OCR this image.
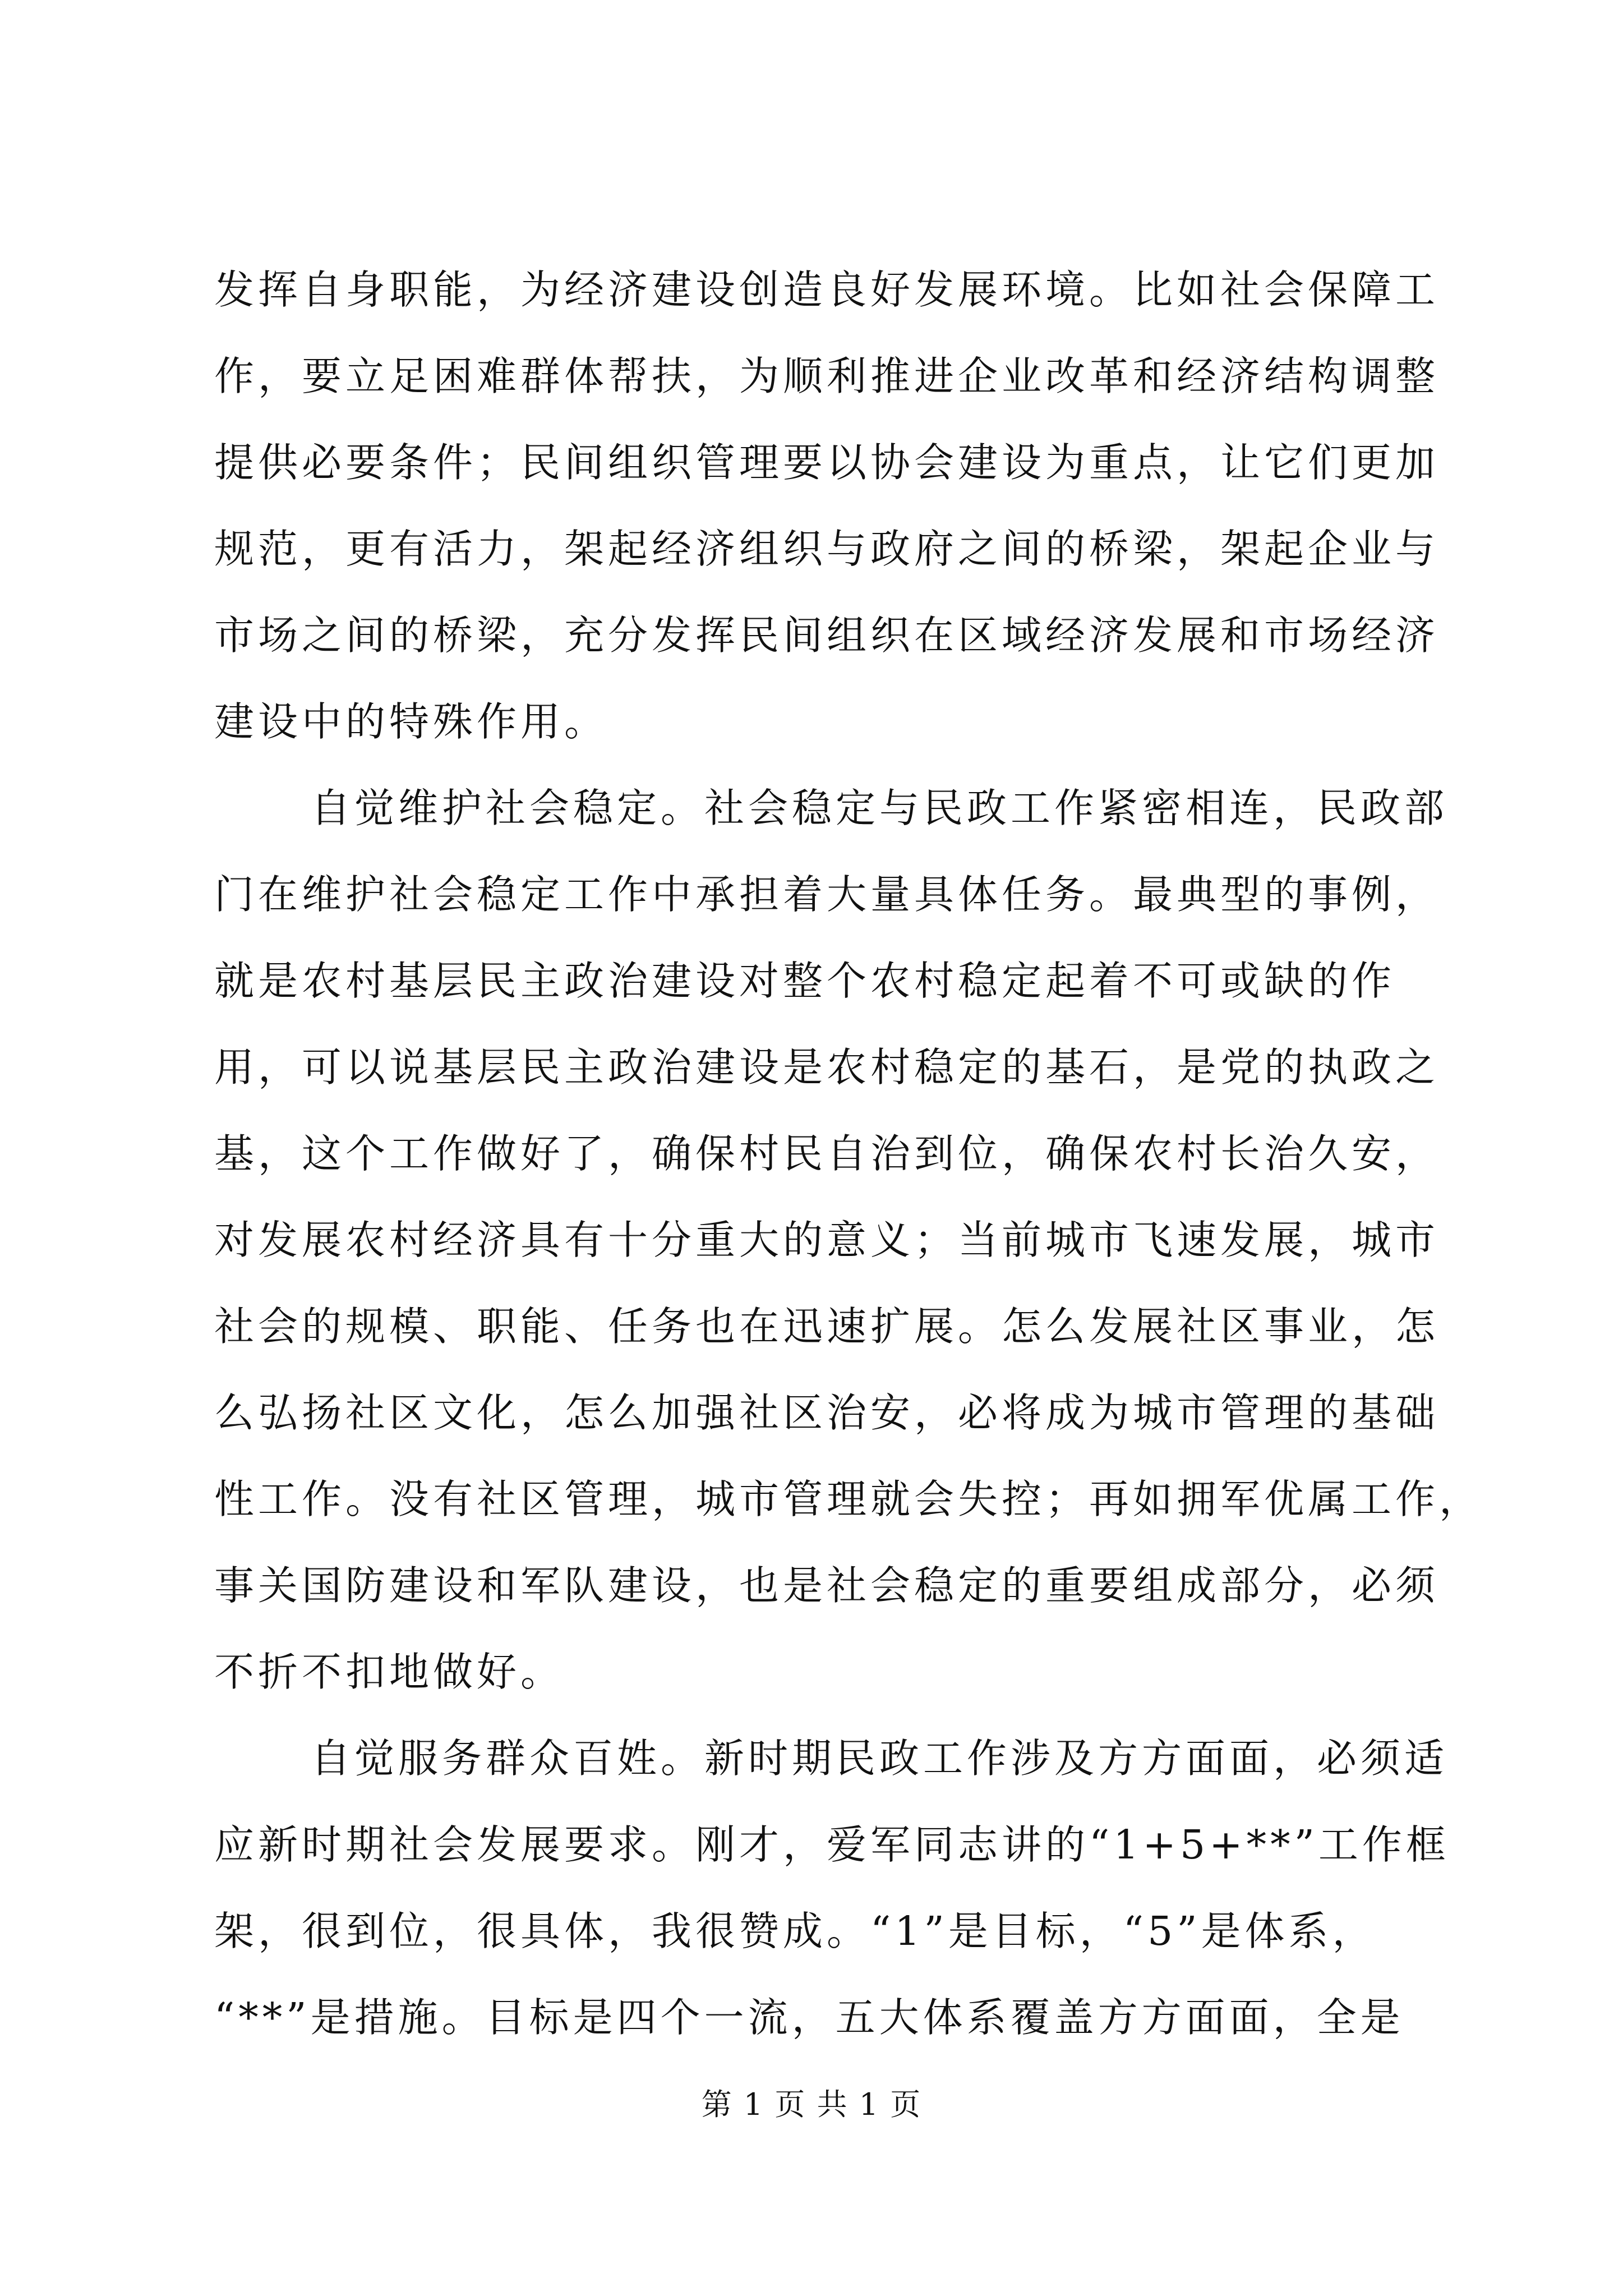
发挥自身职能，为经济建设创造良好发展环境。比如社会保障工
作，要立足困难群体帮扶，为顺利推进企业改革和经济结构调整
提供必要条件；民间组织管理要以协会建设为重点，让它们更加
规范，更有活力，架起经济组织与政府之间的桥梁，架起企业与
市场之间的桥梁，充分发挥民间组织在区域经济发展和市场经济
建设中的特殊作用。
自觉维护社会稳定。社会稳定与民政工作紧密相连，民政部
门在维护社会稳定工作中承担着大量具体任务。最典型的事例，
就是农村基层民主政治建设对整个农村稳定起着不可或缺的作
用，可以说基层民主政治建设是农村稳定的基石，是党的执政之
基，这个工作做好了，确保村民自治到位，确保农村长治久安，
对发展农村经济具有十分重大的意义；当前城市飞速发展，城市
社会的规模、职能、任务也在迅速扩展。怎么发展社区事业，怎
么弘扬社区文化，怎么加强社区治安，必将成为城市管理的基础
性工作。没有社区管理，城市管理就会失控；再如拥军优属工作，
事关国防建设和军队建设，也是社会稳定的重要组成部分，必须
不折不扣地做好。
自觉服务群众百姓。新时期民政工作涉及方方面面，必须适
应新时期社会发展要求。刚才，爱军同志讲的“1+5+**”工作框
架，很到位，很具体，我很赞成。“1”是目标，“5”是体系，
“**”是措施。目标是四个一流，五大体系覆盖方方面面，全是
第 1 页 共 1 页
